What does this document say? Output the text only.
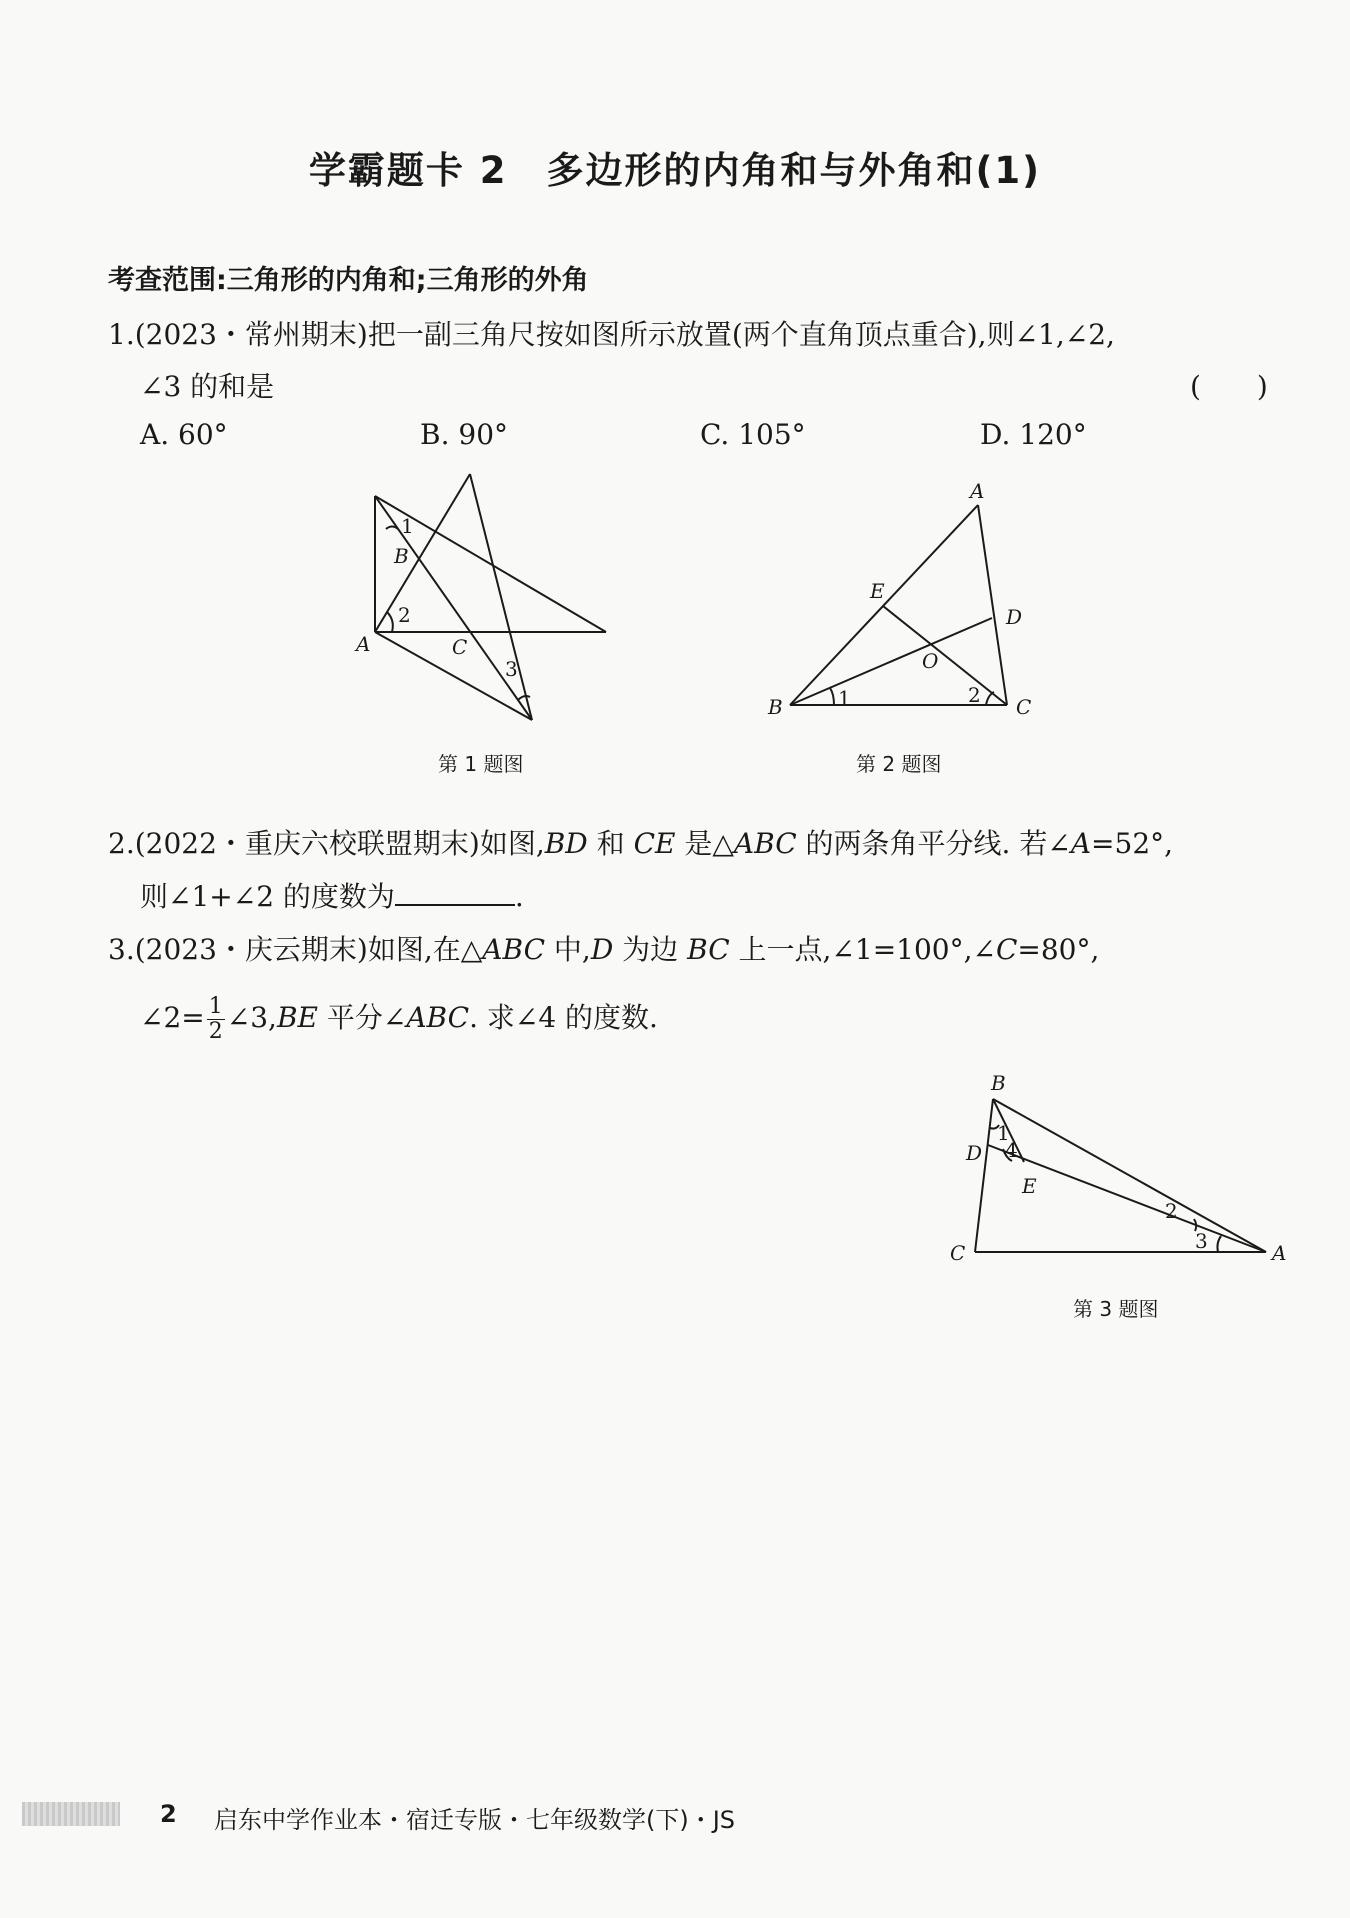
学霸题卡 2　多边形的内角和与外角和(1)
考查范围:三角形的内角和;三角形的外角
1.(2023・常州期末)把一副三角尺按如图所示放置(两个直角顶点重合),则∠1,∠2,
∠3 的和是	(　　)
A. 60°	B. 90°	C. 105°	D. 120°
A
B
C
1
2
3
第 1 题图
A
B	C
D
E
O
1	2
第 2 题图
2.(2022・重庆六校联盟期末)如图,BD 和 CE 是△ABC 的两条角平分线. 若∠A=52°,
则∠1+∠2 的度数为	.
3.(2023・庆云期末)如图,在△ABC 中,D 为边 BC 上一点,∠1=100°,∠C=80°,
∠2= $\frac{1}{2}$ ∠3,BE 平分∠ABC. 求∠4 的度数.
B
D
E
C	A
1
4
2
3
第 3 题图
2 启东中学作业本・宿迁专版・七年级数学(下)・JS
